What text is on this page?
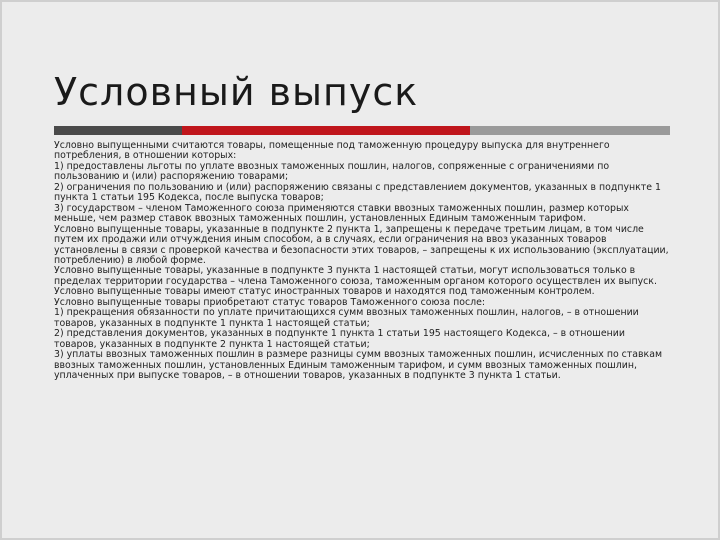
Условный выпуск

Условно выпущенными считаются товары, помещенные под таможенную процедуру выпуска для внутреннего потребления, в отношении которых:

1) предоставлены льготы по уплате ввозных таможенных пошлин, налогов, сопряженные с ограничениями по пользованию и (или) распоряжению товарами;

2) ограничения по пользованию и (или) распоряжению связаны с представлением документов, указанных в подпункте 1 пункта 1 статьи 195 Кодекса, после выпуска товаров;

3) государством – членом Таможенного союза применяются ставки ввозных таможенных пошлин, размер которых меньше, чем размер ставок ввозных таможенных пошлин, установленных Единым таможенным тарифом.

Условно выпущенные товары, указанные в подпункте 2 пункта 1, запрещены к передаче третьим лицам, в том числе путем их продажи или отчуждения иным способом, а в случаях, если ограничения на ввоз указанных товаров установлены в связи с проверкой качества и безопасности этих товаров, – запрещены к их использованию (эксплуатации, потреблению) в любой форме.

Условно выпущенные товары, указанные в подпункте 3 пункта 1 настоящей статьи, могут использоваться только в пределах территории государства – члена Таможенного союза, таможенным органом которого осуществлен их выпуск.

Условно выпущенные товары имеют статус иностранных товаров и находятся под таможенным контролем.

Условно выпущенные товары приобретают статус товаров Таможенного союза после:

1) прекращения обязанности по уплате причитающихся сумм ввозных таможенных пошлин, налогов, – в отношении товаров, указанных в подпункте 1 пункта 1 настоящей статьи;

2) представления документов, указанных в подпункте 1 пункта 1 статьи 195 настоящего Кодекса, – в отношении товаров, указанных в подпункте 2 пункта 1 настоящей статьи;

3) уплаты ввозных таможенных пошлин в размере разницы сумм ввозных таможенных пошлин, исчисленных по ставкам ввозных таможенных пошлин, установленных Единым таможенным тарифом, и сумм ввозных таможенных пошлин, уплаченных при выпуске товаров, – в отношении товаров, указанных в подпункте 3 пункта 1 статьи.
